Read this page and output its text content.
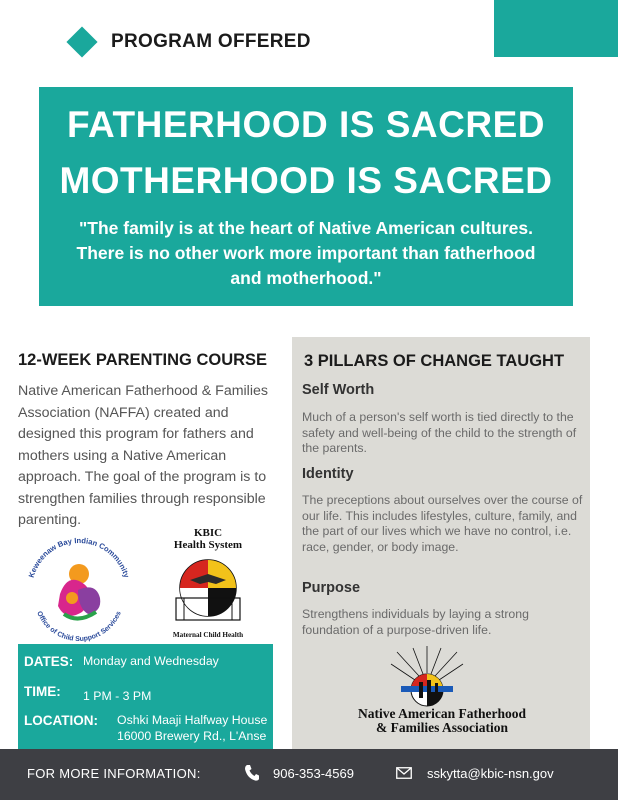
PROGRAM OFFERED
FATHERHOOD IS SACRED
MOTHERHOOD IS SACRED
"The family is at the heart of Native American cultures. There is no other work more important than fatherhood and motherhood."
12-WEEK PARENTING COURSE
Native American Fatherhood & Families Association (NAFFA) created and designed this program for fathers and mothers using a Native American approach. The goal of the program is to strengthen families through responsible parenting.
3 PILLARS OF CHANGE TAUGHT
Self Worth
Much of a person's self worth is tied directly to the safety and well-being of the child to the strength of the parents.
Identity
The preceptions about ourselves over the course of our life. This includes lifestyles, culture, family, and the part of our lives which we have no control, i.e. race, gender, or body image.
Purpose
Strengthens individuals by laying a strong foundation of a purpose-driven life.
Keweenaw Bay Indian Community
Office of Child Support Services
KBIC
Health System
Maternal Child Health
DATES: Monday and Wednesday
TIME: 1 PM - 3 PM
LOCATION: Oshki Maaji Halfway House
16000 Brewery Rd., L'Anse
Native American Fatherhood
& Families Association
FOR MORE INFORMATION:	906-353-4569	sskytta@kbic-nsn.gov
